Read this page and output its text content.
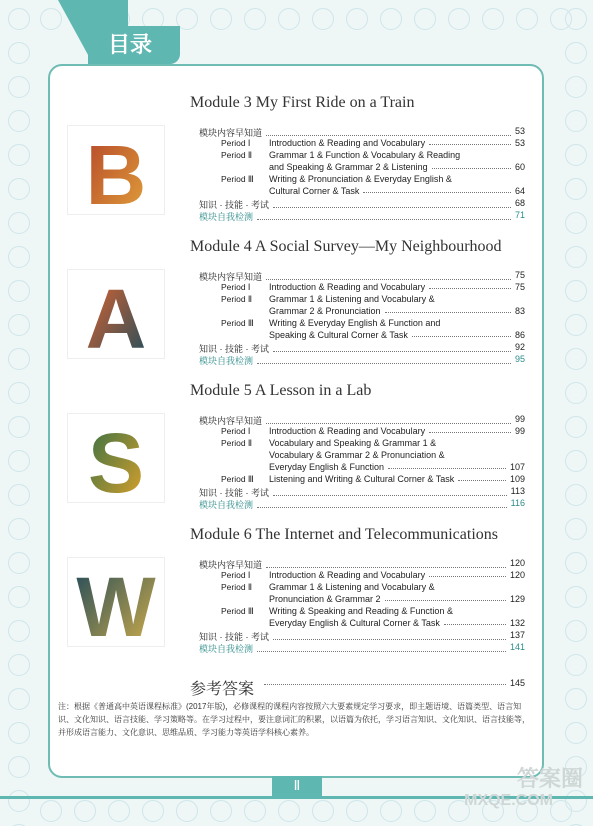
目录
Module 3 My First Ride on a Train
B	模块内容早知道	53
Period Ⅰ Introduction & Reading and Vocabulary	53
Period Ⅱ Grammar 1 & Function & Vocabulary & Reading
and Speaking & Grammar 2 & Listening	60
Period Ⅲ Writing & Pronunciation & Everyday English &
Cultural Corner & Task	64
知识 · 技能 · 考试	68
模块自我检测	71
Module 4 A Social Survey—My Neighbourhood
A	模块内容早知道	75
Period Ⅰ Introduction & Reading and Vocabulary	75
Period Ⅱ Grammar 1 & Listening and Vocabulary &
Grammar 2 & Pronunciation	83
Period Ⅲ Writing & Everyday English & Function and
Speaking & Cultural Corner & Task	86
知识 · 技能 · 考试	92
模块自我检测	95
Module 5 A Lesson in a Lab
S	模块内容早知道	99
Period Ⅰ Introduction & Reading and Vocabulary	99
Period Ⅱ Vocabulary and Speaking & Grammar 1 &
Vocabulary & Grammar 2 & Pronunciation &
Everyday English & Function	107
Period Ⅲ Listening and Writing & Cultural Corner & Task	109
知识 · 技能 · 考试	113
模块自我检测	116
Module 6 The Internet and Telecommunications
W	模块内容早知道	120
Period Ⅰ Introduction & Reading and Vocabulary	120
Period Ⅱ Grammar 1 & Listening and Vocabulary &
Pronunciation & Grammar 2	129
Period Ⅲ Writing & Speaking and Reading & Function &
Everyday English & Cultural Corner & Task	132
知识 · 技能 · 考试	137
模块自我检测	141
参考答案	145
注：根据《普通高中英语课程标准》(2017年版)，必修课程的课程内容按照六大要素规定学习要求，即主题语境、语篇类型、语言知识、文化知识、语言技能、学习策略等。在学习过程中，要注意词汇的积累，以语篇为依托，学习语言知识、文化知识、语言技能等，并形成语言能力、文化意识、思维品质、学习能力等英语学科核心素养。
Ⅱ	答案圈
MXQE.COM
